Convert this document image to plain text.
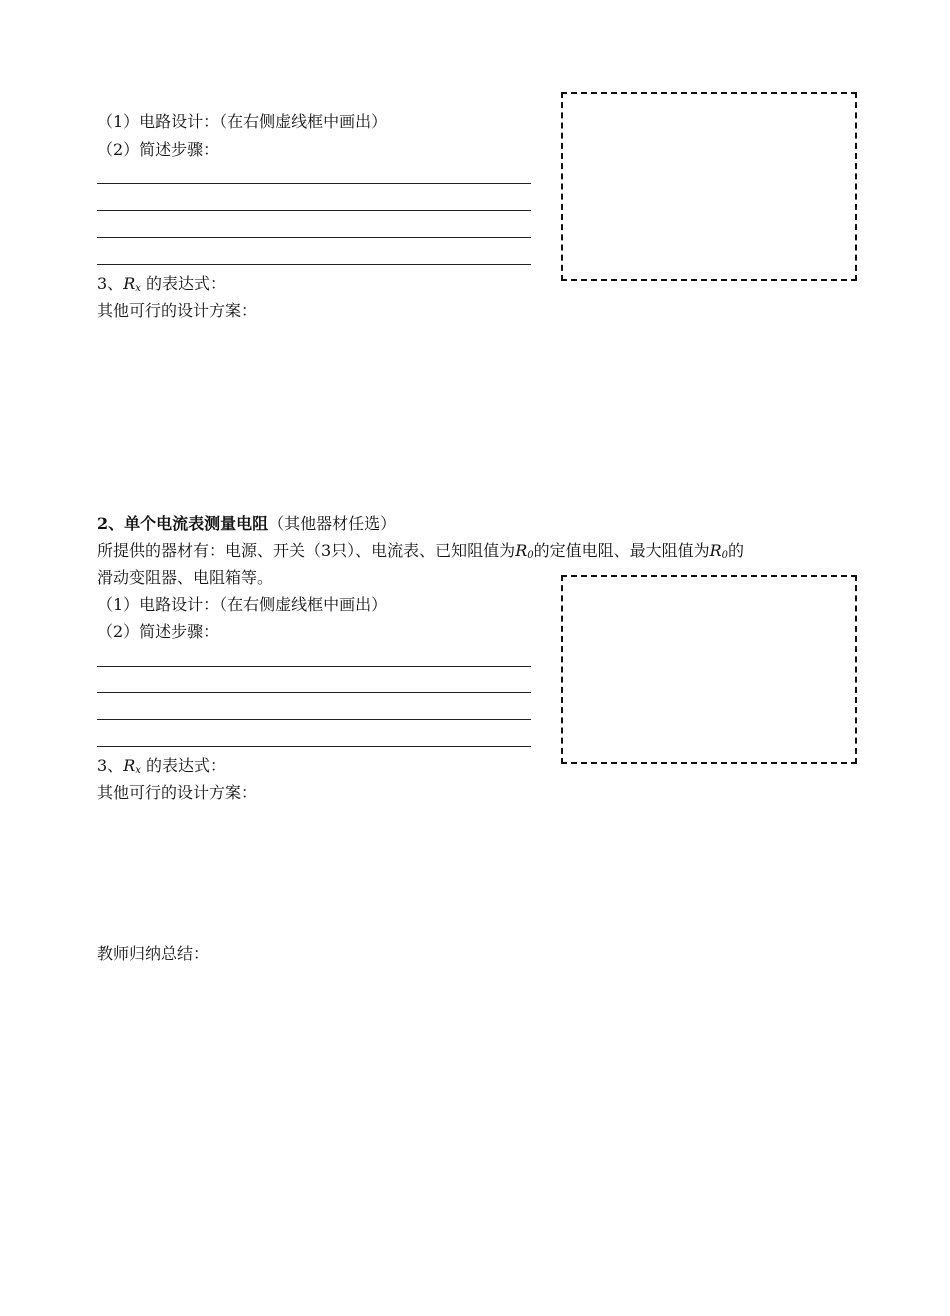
（1）电路设计：（在右侧虚线框中画出）
（2）简述步骤：
3、$R_x$ 的表达式：
其他可行的设计方案：
2、单个电流表测量电阻（其他器材任选）
所提供的器材有：电源、开关（3只）、电流表、已知阻值为$R_0$的定值电阻、最大阻值为$R_0$的
滑动变阻器、电阻箱等。
（1）电路设计：（在右侧虚线框中画出）
（2）简述步骤：
3、$R_x$ 的表达式：
其他可行的设计方案：
教师归纳总结：
